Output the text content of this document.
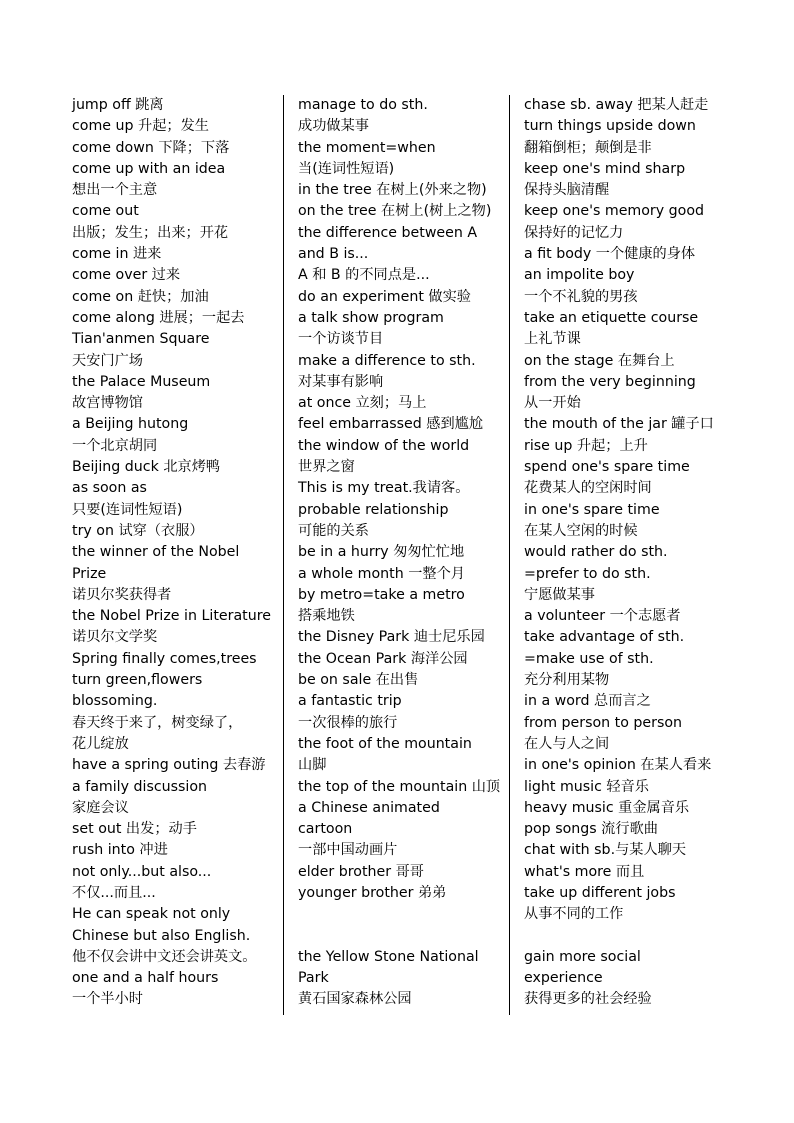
jump off 跳离
come up 升起；发生
come down 下降；下落
come up with an idea
想出一个主意
come out
出版；发生；出来；开花
come in 进来
come over 过来
come on 赶快；加油
come along 进展；一起去
Tian'anmen Square
天安门广场
the Palace Museum
故宫博物馆
a Beijing hutong
一个北京胡同
Beijing duck 北京烤鸭
as soon as
只要(连词性短语)
try on 试穿（衣服）
the winner of the Nobel
Prize
诺贝尔奖获得者
the Nobel Prize in Literature
诺贝尔文学奖
Spring finally comes,trees
turn green,flowers
blossoming.
春天终于来了，树变绿了，
花儿绽放
have a spring outing 去春游
a family discussion
家庭会议
set out 出发；动手
rush into 冲进
not only...but also...
不仅...而且...
He can speak not only
Chinese but also English.
他不仅会讲中文还会讲英文。
one and a half hours
一个半小时
manage to do sth.
成功做某事
the moment=when
当(连词性短语)
in the tree 在树上(外来之物)
on the tree 在树上(树上之物)
the difference between A
and B is...
A 和 B 的不同点是...
do an experiment 做实验
a talk show program
一个访谈节目
make a difference to sth.
对某事有影响
at once 立刻；马上
feel embarrassed 感到尴尬
the window of the world
世界之窗
This is my treat.我请客。
probable relationship
可能的关系
be in a hurry 匆匆忙忙地
a whole month 一整个月
by metro=take a metro
搭乘地铁
the Disney Park 迪士尼乐园
the Ocean Park 海洋公园
be on sale 在出售
a fantastic trip
一次很棒的旅行
the foot of the mountain
山脚
the top of the mountain 山顶
a Chinese animated
cartoon
一部中国动画片
elder brother 哥哥
younger brother 弟弟
the Yellow Stone National
Park
黄石国家森林公园
chase sb. away 把某人赶走
turn things upside down
翻箱倒柜；颠倒是非
keep one's mind sharp
保持头脑清醒
keep one's memory good
保持好的记忆力
a fit body 一个健康的身体
an impolite boy
一个不礼貌的男孩
take an etiquette course
上礼节课
on the stage 在舞台上
from the very beginning
从一开始
the mouth of the jar 罐子口
rise up 升起；上升
spend one's spare time
花费某人的空闲时间
in one's spare time
在某人空闲的时候
would rather do sth.
=prefer to do sth.
宁愿做某事
a volunteer 一个志愿者
take advantage of sth.
=make use of sth.
充分利用某物
in a word 总而言之
from person to person
在人与人之间
in one's opinion 在某人看来
light music 轻音乐
heavy music 重金属音乐
pop songs 流行歌曲
chat with sb.与某人聊天
what's more 而且
take up different jobs
从事不同的工作
gain more social
experience
获得更多的社会经验
